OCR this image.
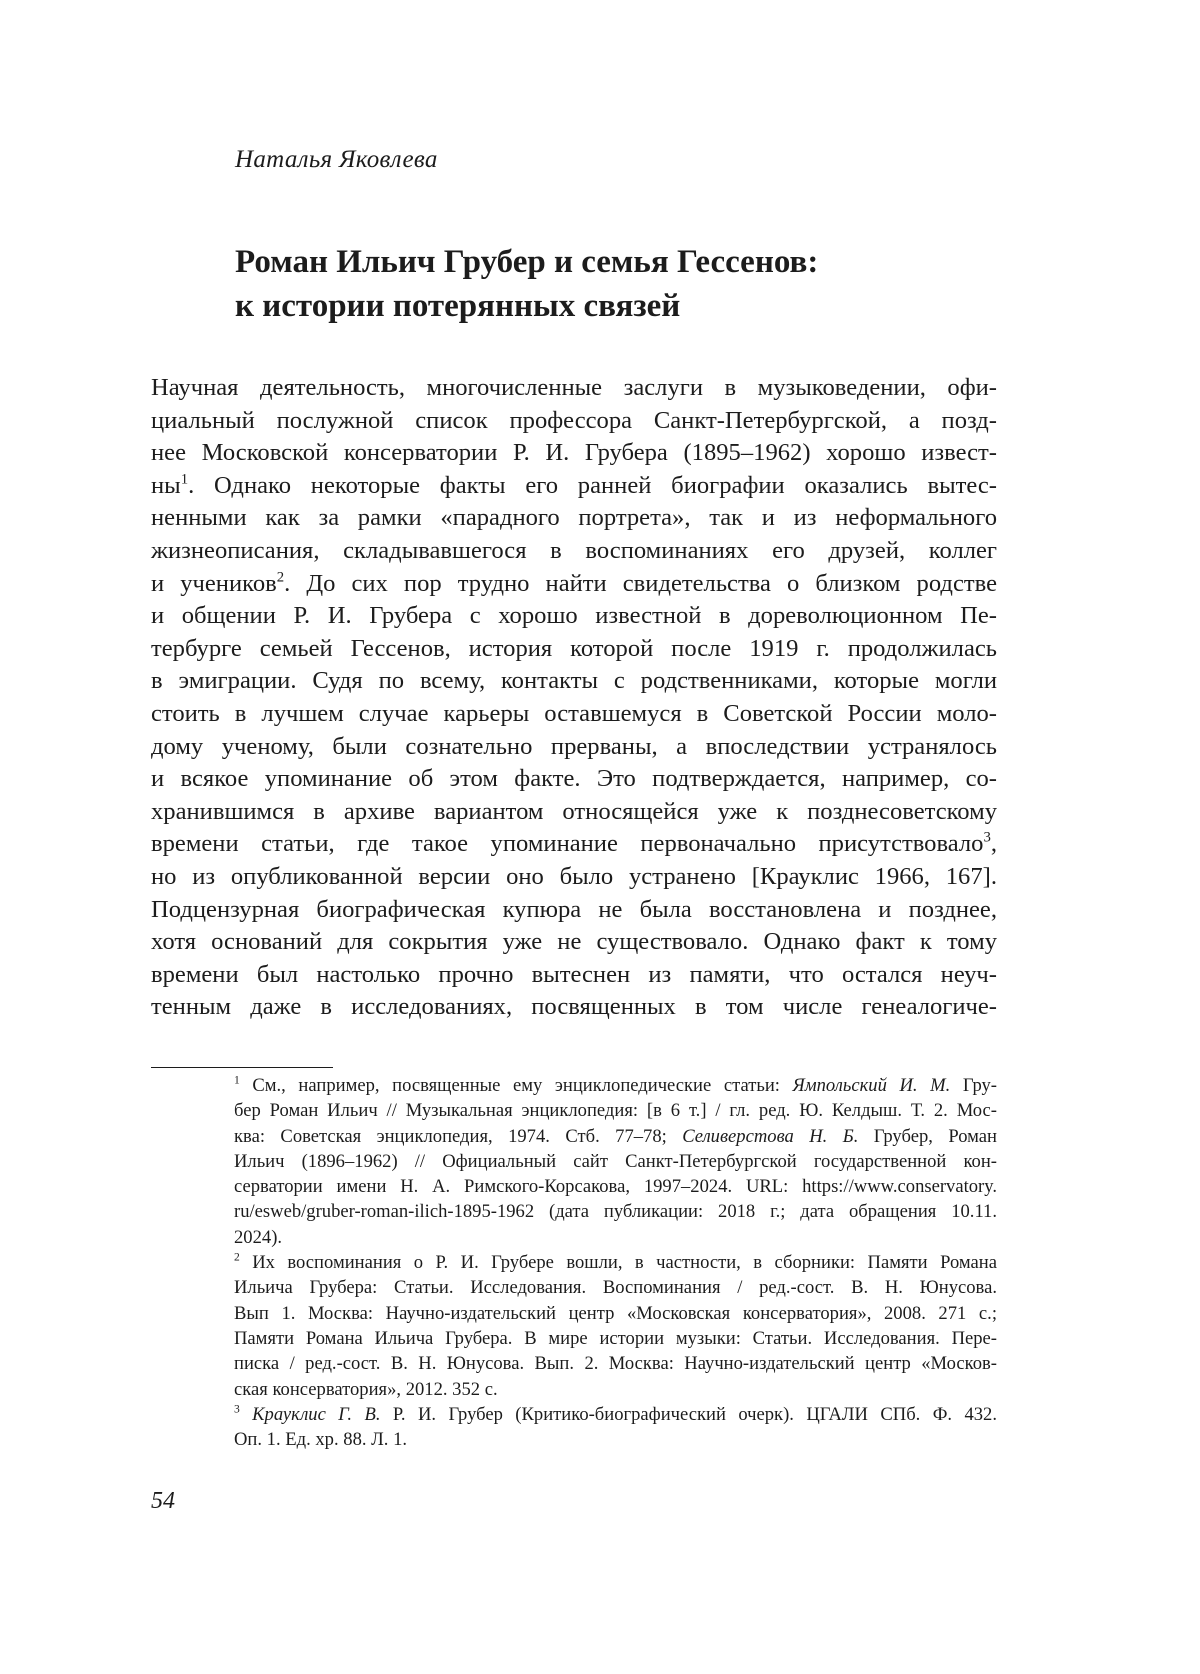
Наталья Яковлева
Роман Ильич Грубер и семья Гессенов:
к истории потерянных связей
Научная деятельность, многочисленные заслуги в музыковедении, офи-
циальный послужной список профессора Санкт-Петербургской, а позд-
нее Московской консерватории Р. И. Грубера (1895–1962) хорошо извест-
ны1. Однако некоторые факты его ранней биографии оказались вытес-
ненными как за рамки «парадного портрета», так и из неформального
жизнеописания, складывавшегося в воспоминаниях его друзей, коллег
и учеников2. До сих пор трудно найти свидетельства о близком родстве
и общении Р. И. Грубера с хорошо известной в дореволюционном Пе-
тербурге семьей Гессенов, история которой после 1919 г. продолжилась
в эмиграции. Судя по всему, контакты с родственниками, которые могли
стоить в лучшем случае карьеры оставшемуся в Советской России моло-
дому ученому, были сознательно прерваны, а впоследствии устранялось
и всякое упоминание об этом факте. Это подтверждается, например, со-
хранившимся в архиве вариантом относящейся уже к позднесоветскому
времени статьи, где такое упоминание первоначально присутствовало3,
но из опубликованной версии оно было устранено [Крауклис 1966, 167].
Подцензурная биографическая купюра не была восстановлена и позднее,
хотя оснований для сокрытия уже не существовало. Однако факт к тому
времени был настолько прочно вытеснен из памяти, что остался неуч-
тенным даже в исследованиях, посвященных в том числе генеалогиче-
1 См., например, посвященные ему энциклопедические статьи: Ямпольский И. М. Гру-
бер Роман Ильич // Музыкальная энциклопедия: [в 6 т.] / гл. ред. Ю. Келдыш. Т. 2. Мос-
ква: Советская энциклопедия, 1974. Стб. 77–78; Селиверстова Н. Б. Грубер, Роман
Ильич (1896–1962) // Официальный сайт Санкт-Петербургской государственной кон-
серватории имени Н. А. Римского-Корсакова, 1997–2024. URL: https://www.conservatory.
ru/esweb/gruber-roman-ilich-1895-1962 (дата публикации: 2018 г.; дата обращения 10.11.
2024).
2 Их воспоминания о Р. И. Грубере вошли, в частности, в сборники: Памяти Романа
Ильича Грубера: Статьи. Исследования. Воспоминания / ред.-сост. В. Н. Юнусова.
Вып 1. Москва: Научно-издательский центр «Московская консерватория», 2008. 271 с.;
Памяти Романа Ильича Грубера. В мире истории музыки: Статьи. Исследования. Пере-
писка / ред.-сост. В. Н. Юнусова. Вып. 2. Москва: Научно-издательский центр «Москов-
ская консерватория», 2012. 352 с.
3 Крауклис Г. В. Р. И. Грубер (Критико-биографический очерк). ЦГАЛИ СПб. Ф. 432.
Оп. 1. Ед. хр. 88. Л. 1.
54
